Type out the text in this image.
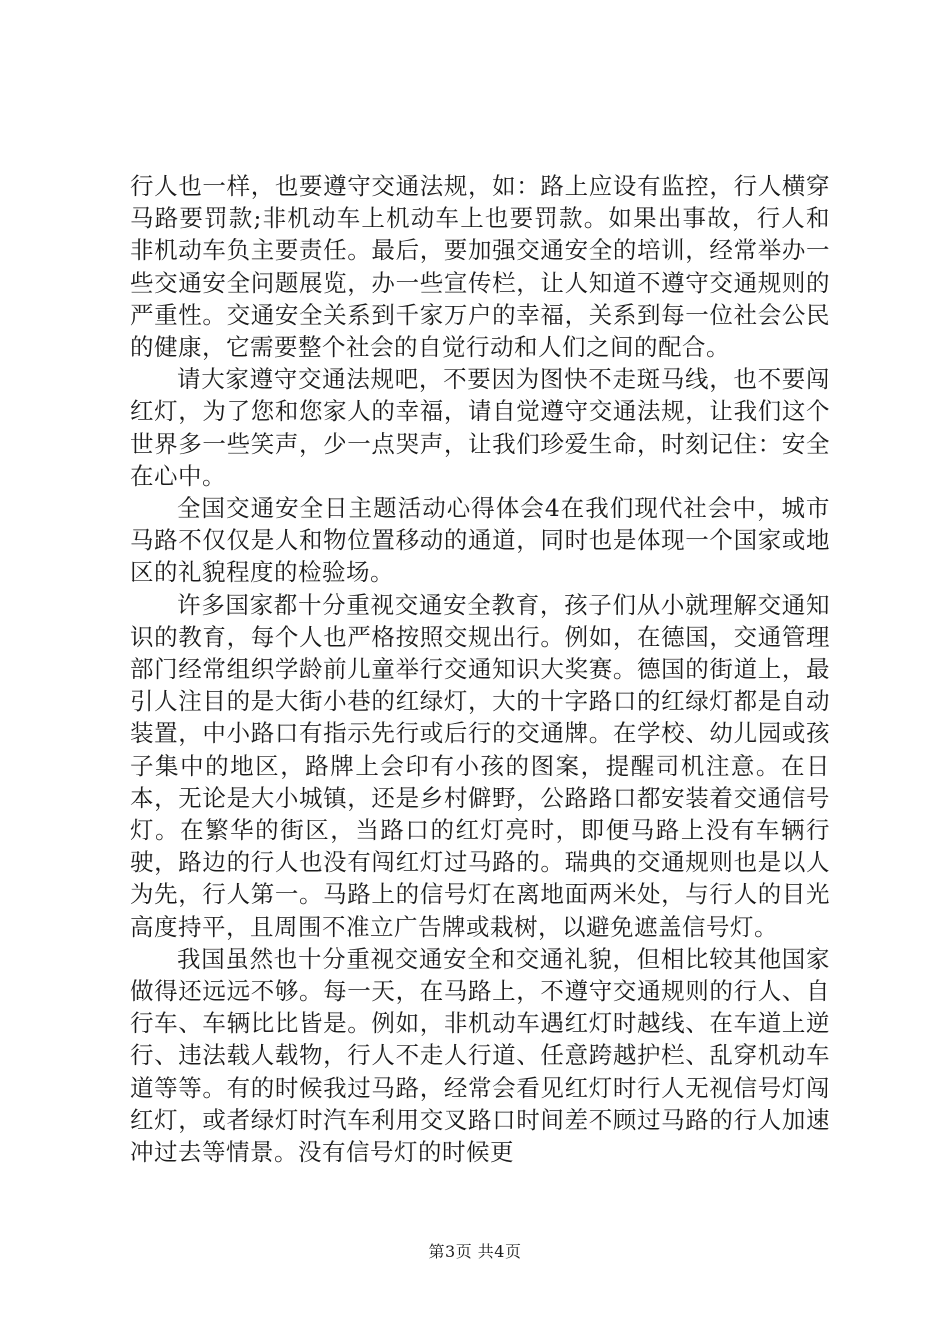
行人也一样，也要遵守交通法规，如：路上应设有监控，行人横穿马路要罚款;非机动车上机动车上也要罚款。如果出事故，行人和非机动车负主要责任。最后，要加强交通安全的培训，经常举办一些交通安全问题展览，办一些宣传栏，让人知道不遵守交通规则的严重性。交通安全关系到千家万户的幸福，关系到每一位社会公民的健康，它需要整个社会的自觉行动和人们之间的配合。

请大家遵守交通法规吧，不要因为图快不走斑马线，也不要闯红灯，为了您和您家人的幸福，请自觉遵守交通法规，让我们这个世界多一些笑声，少一点哭声，让我们珍爱生命，时刻记住：安全在心中。

全国交通安全日主题活动心得体会4在我们现代社会中，城市马路不仅仅是人和物位置移动的通道，同时也是体现一个国家或地区的礼貌程度的检验场。

许多国家都十分重视交通安全教育，孩子们从小就理解交通知识的教育，每个人也严格按照交规出行。例如，在德国，交通管理部门经常组织学龄前儿童举行交通知识大奖赛。德国的街道上，最引人注目的是大街小巷的红绿灯，大的十字路口的红绿灯都是自动装置，中小路口有指示先行或后行的交通牌。在学校、幼儿园或孩子集中的地区，路牌上会印有小孩的图案，提醒司机注意。在日本，无论是大小城镇，还是乡村僻野，公路路口都安装着交通信号灯。在繁华的街区，当路口的红灯亮时，即便马路上没有车辆行驶，路边的行人也没有闯红灯过马路的。瑞典的交通规则也是以人为先，行人第一。马路上的信号灯在离地面两米处，与行人的目光高度持平，且周围不准立广告牌或栽树，以避免遮盖信号灯。

我国虽然也十分重视交通安全和交通礼貌，但相比较其他国家做得还远远不够。每一天，在马路上，不遵守交通规则的行人、自行车、车辆比比皆是。例如，非机动车遇红灯时越线、在车道上逆行、违法载人载物，行人不走人行道、任意跨越护栏、乱穿机动车道等等。有的时候我过马路，经常会看见红灯时行人无视信号灯闯红灯，或者绿灯时汽车利用交叉路口时间差不顾过马路的行人加速冲过去等情景。没有信号灯的时候更

第3页 共4页
